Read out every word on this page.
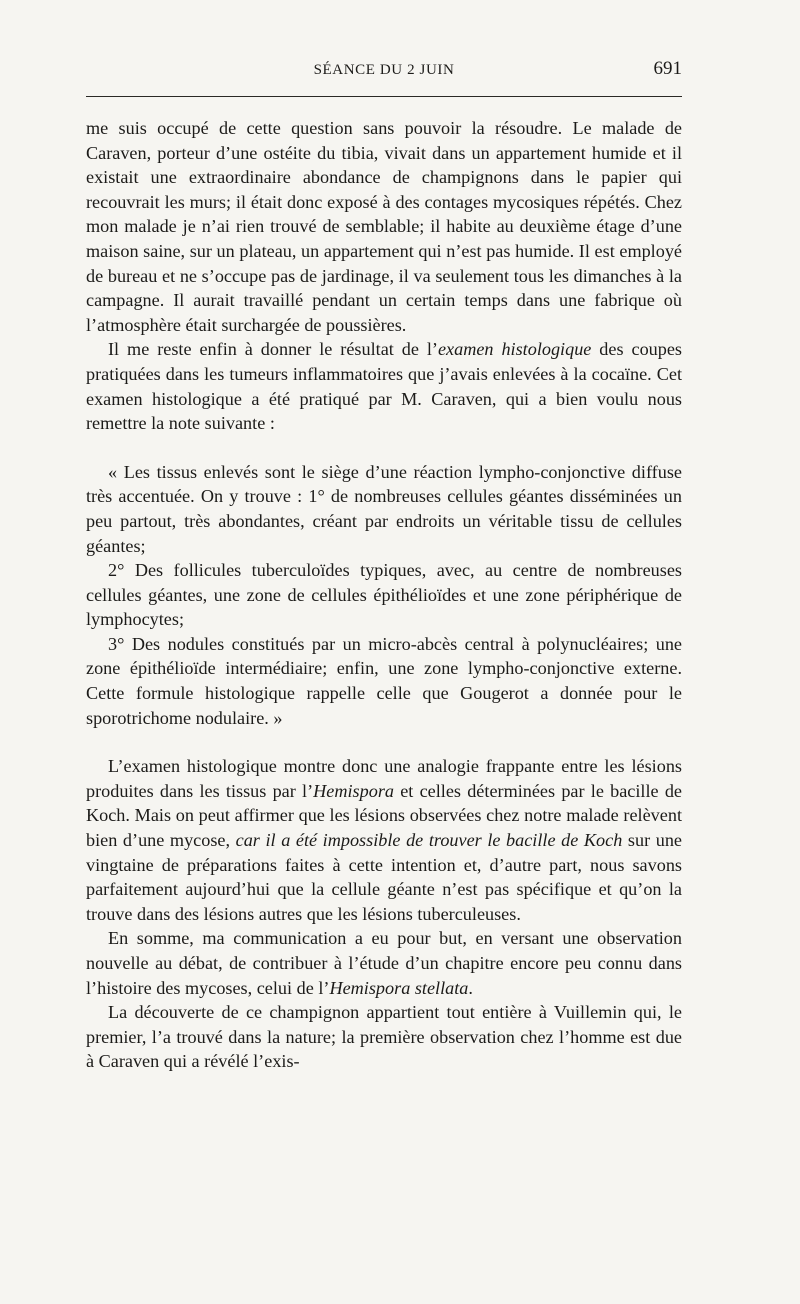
SÉANCE DU 2 JUIN	691

me suis occupé de cette question sans pouvoir la résoudre. Le malade de Caraven, porteur d’une ostéite du tibia, vivait dans un appartement humide et il existait une extraordinaire abondance de champignons dans le papier qui recouvrait les murs; il était donc exposé à des contages mycosiques répétés. Chez mon malade je n’ai rien trouvé de semblable; il habite au deuxième étage d’une maison saine, sur un plateau, un appartement qui n’est pas humide. Il est employé de bureau et ne s’occupe pas de jardinage, il va seulement tous les dimanches à la campagne. Il aurait travaillé pendant un certain temps dans une fabrique où l’atmosphère était surchargée de poussières.

Il me reste enfin à donner le résultat de l’examen histologique des coupes pratiquées dans les tumeurs inflammatoires que j’avais enlevées à la cocaïne. Cet examen histologique a été pratiqué par M. Caraven, qui a bien voulu nous remettre la note suivante :

« Les tissus enlevés sont le siège d’une réaction lympho-conjonctive diffuse très accentuée. On y trouve : 1° de nombreuses cellules géantes disséminées un peu partout, très abondantes, créant par endroits un véritable tissu de cellules géantes;

2° Des follicules tuberculoïdes typiques, avec, au centre de nombreuses cellules géantes, une zone de cellules épithélioïdes et une zone périphérique de lymphocytes;

3° Des nodules constitués par un micro-abcès central à polynucléaires; une zone épithélioïde intermédiaire; enfin, une zone lympho-conjonctive externe. Cette formule histologique rappelle celle que Gougerot a donnée pour le sporotrichome nodulaire. »

L’examen histologique montre donc une analogie frappante entre les lésions produites dans les tissus par l’Hemispora et celles déterminées par le bacille de Koch. Mais on peut affirmer que les lésions observées chez notre malade relèvent bien d’une mycose, car il a été impossible de trouver le bacille de Koch sur une vingtaine de préparations faites à cette intention et, d’autre part, nous savons parfaitement aujourd’hui que la cellule géante n’est pas spécifique et qu’on la trouve dans des lésions autres que les lésions tuberculeuses.

En somme, ma communication a eu pour but, en versant une observation nouvelle au débat, de contribuer à l’étude d’un chapitre encore peu connu dans l’histoire des mycoses, celui de l’Hemispora stellata.

La découverte de ce champignon appartient tout entière à Vuillemin qui, le premier, l’a trouvé dans la nature; la première observation chez l’homme est due à Caraven qui a révélé l’exis-
